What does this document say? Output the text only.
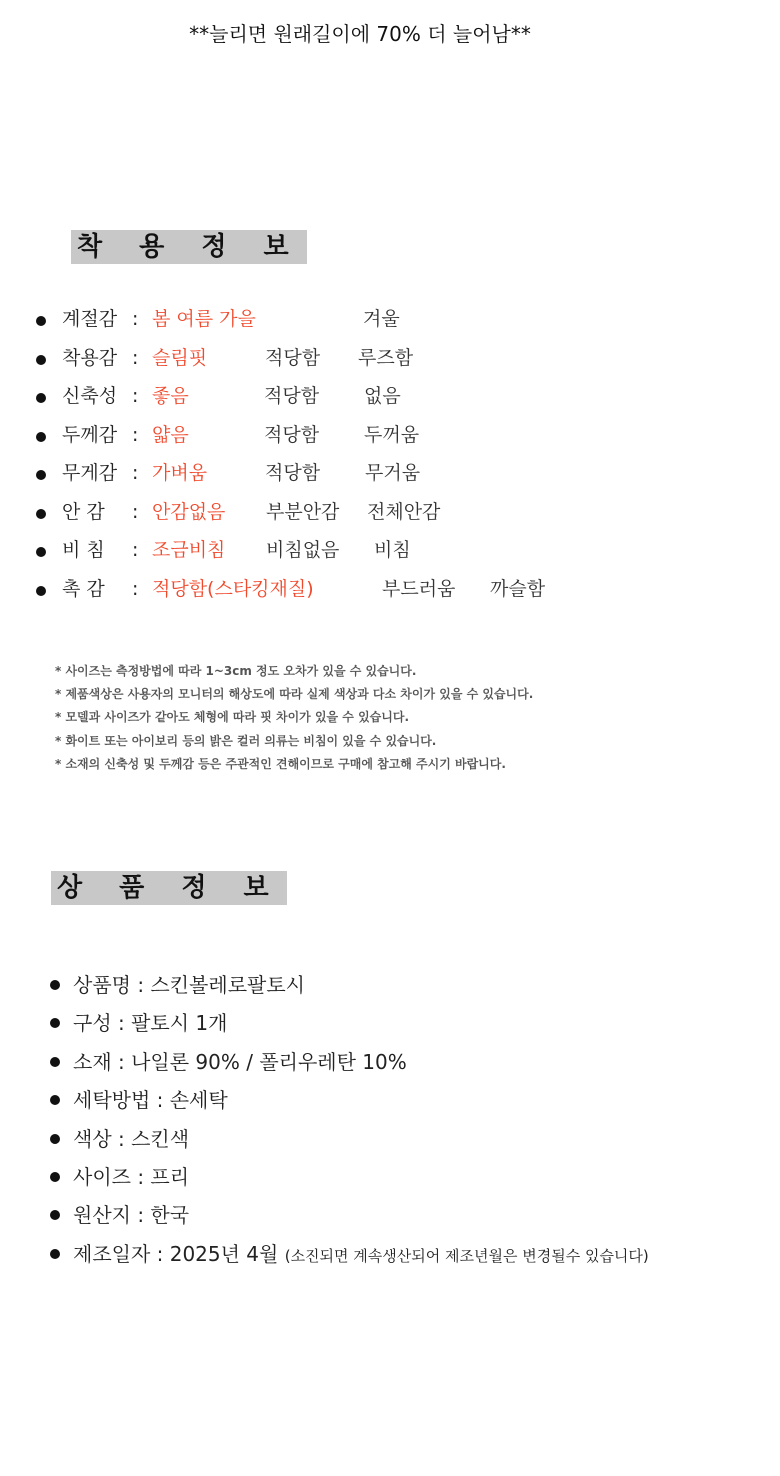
**늘리면 원래길이에 70% 더 늘어남**
착 용 정 보
계절감 : 봄 여름 가을	겨울
착용감 : 슬림핏	적당함 루즈함
신축성 : 좋음	적당함 없음
두께감 : 얇음	적당함 두꺼움
무게감 : 가벼움	적당함 무거움
안 감 : 안감없음 부분안감 전체안감
비 침 : 조금비침 비침없음 비침
촉 감 : 적당함(스타킹재질)	부드러움 까슬함
* 사이즈는 측정방법에 따라 1~3cm 정도 오차가 있을 수 있습니다.
* 제품색상은 사용자의 모니터의 해상도에 따라 실제 색상과 다소 차이가 있을 수 있습니다.
* 모델과 사이즈가 같아도 체형에 따라 핏 차이가 있을 수 있습니다.
* 화이트 또는 아이보리 등의 밝은 컬러 의류는 비침이 있을 수 있습니다.
* 소재의 신축성 및 두께감 등은 주관적인 견해이므로 구매에 참고해 주시기 바랍니다.
상 품 정 보
상품명 : 스킨볼레로팔토시
구성 : 팔토시 1개
소재 : 나일론 90% / 폴리우레탄 10%
세탁방법 : 손세탁
색상 : 스킨색
사이즈 : 프리
원산지 : 한국
제조일자 : 2025년 4월 (소진되면 계속생산되어 제조년월은 변경될수 있습니다)
